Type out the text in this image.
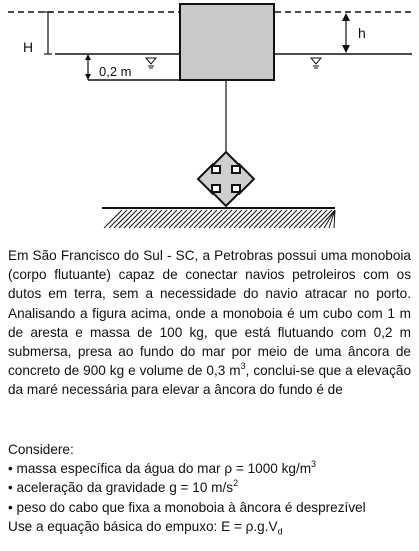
H
h
0,2 m
Em São Francisco do Sul - SC, a Petrobras possui uma monoboia (corpo flutuante) capaz de conectar navios petroleiros com os dutos em terra, sem a necessidade do navio atracar no porto. Analisando a figura acima, onde a monoboia é um cubo com 1 m de aresta e massa de 100 kg, que está flutuando com 0,2 m submersa, presa ao fundo do mar por meio de uma âncora de concreto de 900 kg e volume de 0,3 $m^3$, conclui-se que a elevação da maré necessária para elevar a âncora do fundo é de
Considere:
• massa específica da água do mar ρ = 1000 $kg/m^3$
• aceleração da gravidade g = 10 $m/s^2$
• peso do cabo que fixa a monoboia à âncora é desprezível
Use a equação básica do empuxo: $E = \rho.g.V_d$
